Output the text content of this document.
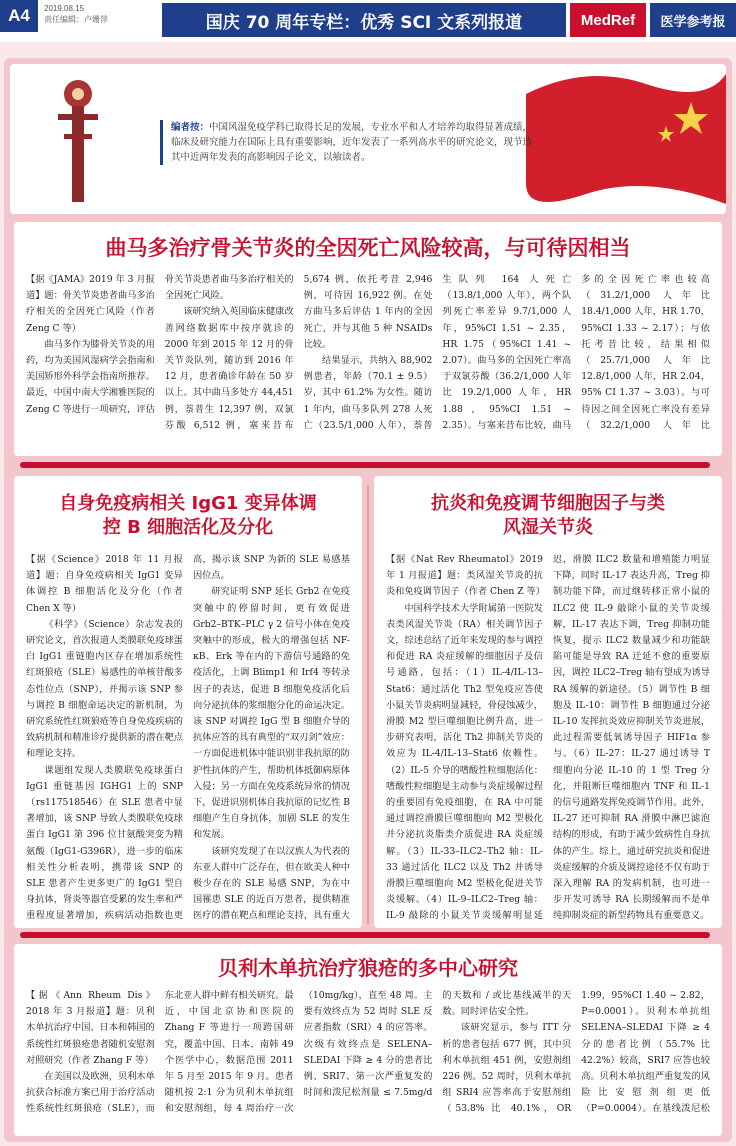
A4	2019.08.15
责任编辑：卢姗萍	国庆 70 周年专栏：优秀 SCI 文系列报道	MedRef	医学参考报
编者按：中国风湿免疫学科已取得长足的发展，专业水平和人才培养均取得显著成绩，临床及研究能力在国际上具有重要影响，近年发表了一系列高水平的研究论文，现节选其中近两年发表的高影响因子论文，以飨读者。
曲马多治疗骨关节炎的全因死亡风险较高，与可待因相当

【据《JAMA》2019 年 3 月报道】题：骨关节炎患者曲马多治疗相关的全因死亡风险（作者 Zeng C 等）

曲马多作为膝骨关节炎的用药，均为美国风湿病学会指南和美国矫形外科学会指南所推荐。最近，中国中南大学湘雅医院的 Zeng C 等进行一项研究，评估骨关节炎患者曲马多治疗相关的全因死亡风险。

该研究纳入英国临床健康改善网络数据库中按序就诊的 2000 年到 2015 年 12 月的骨关节炎队列，随访到 2016 年 12 月，患者确诊年龄在 50 岁以上。其中曲马多处方 44,451 例，萘普生 12,397 例，双氯芬酸 6,512 例，塞来昔布 5,674 例，依托考昔 2,946 例，可待因 16,922 例。在处方曲马多后评估 1 年内的全因死亡，并与其他 5 种 NSAIDs 比较。

结果显示，共纳入 88,902 例患者，年龄（70.1 ± 9.5）岁，其中 61.2% 为女性。随访 1 年内，曲马多队列 278 人死亡（23.5/1,000 人年），萘普生队列 164 人死亡（13.8/1,000 人年），两个队列死亡率差异 9.7/1,000 人年，95%CI 1.51 ~ 2.35，HR 1.75（95%CI 1.41 ~ 2.07）。曲马多的全因死亡率高于双氯芬酸（36.2/1,000 人年比 19.2/1,000 人年，HR 1.88，95%CI 1.51 ~ 2.35）。与塞来昔布比较，曲马多的全因死亡率也较高（31.2/1,000 人年比 18.4/1,000 人年，HR 1.70，95%CI 1.33 ~ 2.17）；与依托考昔比较，结果相似（25.7/1,000 人年比 12.8/1,000 人年，HR 2.04，95% CI 1.37 ~ 3.03）。与可待因之间全因死亡率没有差异（32.2/1,000 人年比

自身免疫病相关 IgG1 变异体调控 B 细胞活化及分化

【据《Science》2018 年 11 月报道】题：自身免疫病相关 IgG1 变异体调控 B 细胞活化及分化（作者 Chen X 等）

《科学》（Science）杂志发表的研究论文，首次报道人类膜联免疫球蛋白 IgG1 重链胞内区存在增加系统性红斑狼疮（SLE）易感性的单核苷酸多态性位点（SNP），并揭示该 SNP 参与调控 B 细胞命运决定的新机制，为研究系统性红斑狼疮等自身免疫疾病的致病机制和精准诊疗提供新的潜在靶点和理论支持。

课题组发现人类膜联免疫球蛋白 IgG1 重链基因 IGHG1 上的 SNP（rs117518546）在 SLE 患者中显著增加，该 SNP 导致人类膜联免疫球蛋白 IgG1 第 396 位甘氨酸突变为精氨酸（IgG1-G396R），进一步的临床相关性分析表明，携带该 SNP 的 SLE 患者产生更多更广的 IgG1 型自身抗体，肾炎等器官受累的发生率和严重程度显著增加，疾病活动指数也更高，揭示该 SNP 为新的 SLE 易感基因位点。

研究证明 SNP 延长 Grb2 在免疫突触中的停留时间，更有效促进 Grb2–BTK–PLC γ 2 信号小体在免疫突触中的形成，极大的增强包括 NF-κB、Erk 等在内的下游信号通路的免疫活化，上调 Blimp1 和 Irf4 等转录因子的表达，促进 B 细胞免疫活化后向分泌抗体的浆细胞分化的命运决定。该 SNP 对调控 IgG 型 B 细胞介导的抗体应答的具有典型的“双刃剑”效应：一方面促进机体中能识别非我抗原的防护性抗体的产生，帮助机体抵御病原体入侵；另一方面在免疫系统异常的情况下，促进识别机体自我抗原的记忆性 B 细胞产生自身抗体，加剧 SLE 的发生和发展。

该研究发现了在以汉族人为代表的东亚人群中广泛存在，但在欧美人种中极少存在的 SLE 易感 SNP，为在中国罹患 SLE 的近百万患者，提供精准医疗的潜在靶点和理论支持，具有重大

抗炎和免疫调节细胞因子与类风湿关节炎

【据《Nat Rev Rheumatol》2019 年 1 月报道】题：类风湿关节炎的抗炎和免疫调节因子（作者 Chen Z 等）

中国科学技术大学附属第一医院发表类风湿关节炎（RA）相关调节因子文，综述总结了近年来发现的参与调控和促进 RA 炎症缓解的细胞因子及信号通路，包括：（1）IL-4/IL-13–Stat6：通过活化 Th2 型免疫应答使小鼠关节炎病明显减轻，骨侵蚀减少，滑膜 M2 型巨噬细胞比例升高，进一步研究表明，活化 Th2 抑制关节炎的效应为 IL-4/IL-13–Stat6 依赖性。（2）IL-5 介导的嗜酸性粒细胞活化：嗜酸性粒细胞是主动参与炎症缓解过程的重要固有免疫细胞，在 RA 中可能通过调控滑膜巨噬细胞向 M2 型极化并分泌抗炎脂类介质促进 RA 炎症缓解。（3）IL-33–ILC2–Th2 轴：IL-33 通过活化 ILC2 以及 Th2 并诱导滑膜巨噬细胞向 M2 型极化促进关节炎缓解。（4）IL-9–ILC2–Treg 轴：IL-9 敲除的小鼠关节炎缓解明显延迟，滑膜 ILC2 数量和增殖能力明显下降，同时 IL-17 表达升高，Treg 抑制功能下降，而过继转移正常小鼠的 ILC2 使 IL-9 敲除小鼠的关节炎缓解，IL-17 表达下调，Treg 抑制功能恢复，提示 ILC2 数量减少和功能缺陷可能是导致 RA 迁延不愈的重要原因，调控 ILC2–Treg 轴有望成为诱导 RA 缓解的新途径。（5）调节性 B 细胞及 IL-10：调节性 B 细胞通过分泌 IL-10 发挥抗炎效应抑制关节炎进展，此过程需要低氧诱导因子 HIF1α 参与。（6）IL-27：IL-27 通过诱导 T 细胞向分泌 IL-10 的 1 型 Treg 分化，并阻断巨噬细胞内 TNF 和 IL-1 的信号通路发挥免疫调节作用。此外，IL-27 还可抑制 RA 滑膜中淋巴滤泡结构的形成，有助于减少致病性自身抗体的产生。综上，通过研究抗炎和促进炎症缓解的介质及调控途径不仅有助于深入理解 RA 的发病机制，也可进一步开发可诱导 RA 长期缓解而不是单纯抑制炎症的新型药物具有重要意义。

贝利木单抗治疗狼疮的多中心研究

【据《Ann Rheum Dis》2018 年 3 月报道】题：贝利木单抗治疗中国、日本和韩国的系统性红斑狼疮患者随机安慰剂对照研究（作者 Zhang F 等）

在美国以及欧洲，贝利木单抗获合标准方案已用于治疗活动性系统性红斑狼疮（SLE），而东北亚人群中鲜有相关研究。最近，中国北京协和医院的 Zhang F 等进行一项跨国研究，覆盖中国、日本、南韩 49 个医学中心，数据范围 2011 年 5 月至 2015 年 9 月。患者随机按 2:1 分为贝利木单抗组和安慰剂组，每 4 周治疗一次（10mg/kg），直至 48 周。主要有效终点为 52 周时 SLE 反应者指数（SRI）4 的应答率。次级有效终点是 SELENA–SLEDAI 下降 ≥ 4 分的患者比例、SRI7、第一次严重复发的时间和泼尼松剂量 ≤ 7.5mg/d 的天数和 / 或比基线减半的天数。同时评估安全性。

该研究显示，参与 ITT 分析的患者包括 677 例，其中贝利木单抗组 451 例，安慰剂组 226 例。52 周时，贝利木单抗组 SRI4 应答率高于安慰剂组（53.8% 比 40.1%，OR 1.99，95%CI 1.40 ~ 2.82，P=0.0001）。贝利木单抗组 SELENA–SLEDAI 下降 ≥ 4 分的患者比例（55.7% 比 42.2%）较高，SRI7 应答也较高。贝利木单抗组严重复发的风险比安慰剂组更低（P=0.0004）。在基线泼尼松
